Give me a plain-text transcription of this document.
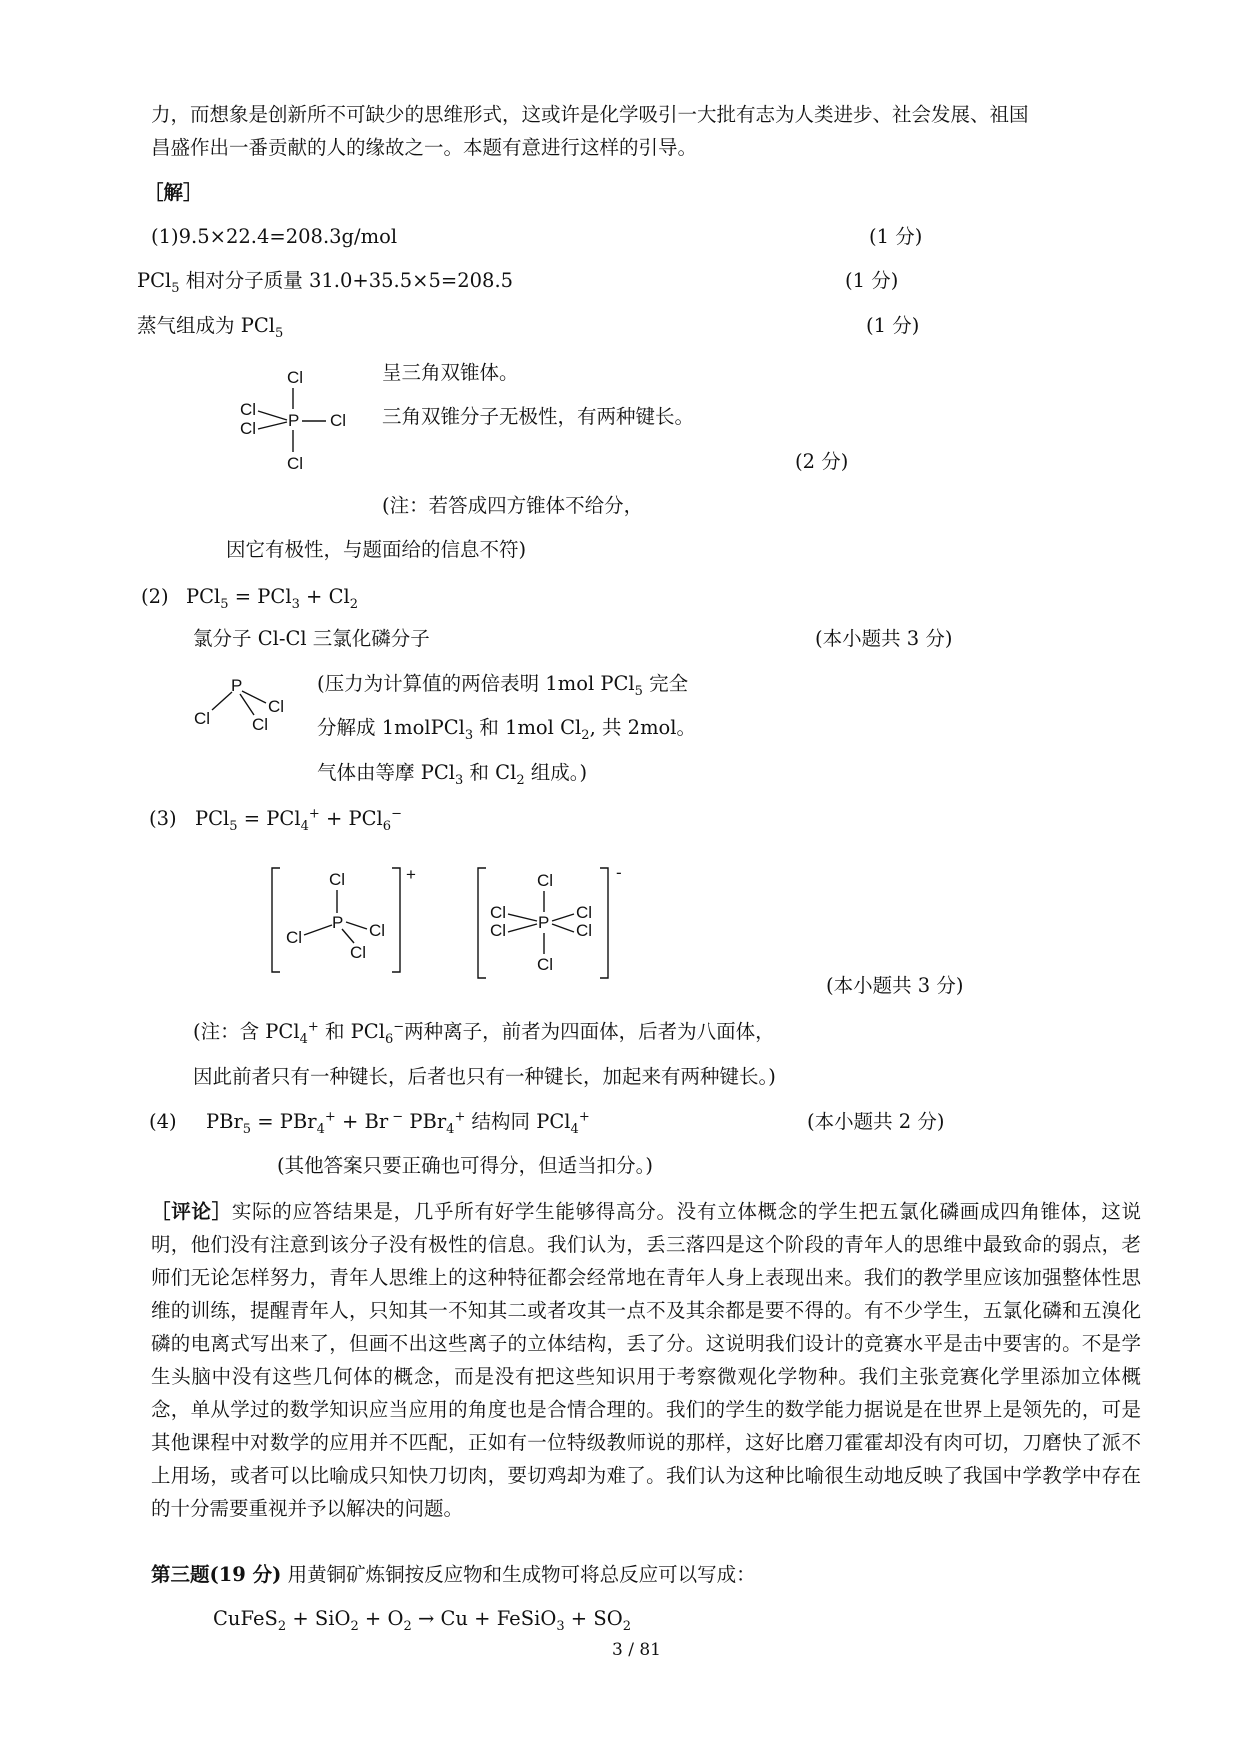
力，而想象是创新所不可缺少的思维形式，这或许是化学吸引一大批有志为人类进步、社会发展、祖国
昌盛作出一番贡献的人的缘故之一。本题有意进行这样的引导。
［解］
(1)9.5×22.4=208.3g/mol	(1 分)
PCl$_5$ 相对分子质量 31.0+35.5×5=208.5	(1 分)
蒸气组成为 PCl$_5$	(1 分)
Cl
Cl
Cl P Cl
Cl
呈三角双锥体。
三角双锥分子无极性，有两种键长。
(2 分)
(注：若答成四方锥体不给分，
因它有极性，与题面给的信息不符)
(2) $PCl_5 = PCl_3 + Cl_2$
氯分子 Cl-Cl 三氯化磷分子	(本小题共 3 分)
P
Cl
Cl
Cl
(压力为计算值的两倍表明 1mol PCl$_5$ 完全
分解成 1molPCl$_3$ 和 1mol $Cl_2$, 共 2mol。
气体由等摩 PCl$_3$ 和 $Cl_2$ 组成。)
(3) PCl$_5$ = PCl$_4$+ + PCl$_6$−
+
Cl
P
Cl	Cl
Cl
-
Cl
Cl
Cl P
Cl
Cl
Cl
(本小题共 3 分)
(注：含 PCl$_4$+ 和 PCl$_6$−两种离子，前者为四面体，后者为八面体，
因此前者只有一种键长，后者也只有一种键长，加起来有两种键长。)
(4) PBr$_5$ = PBr$_4$+ + Br − PBr$_4$+ 结构同 PCl$_4$+	(本小题共 2 分)
(其他答案只要正确也可得分，但适当扣分。)
［评论］实际的应答结果是，几乎所有好学生能够得高分。没有立体概念的学生把五氯化磷画成四角锥体，这说明，他们没有注意到该分子没有极性的信息。我们认为，丢三落四是这个阶段的青年人的思维中最致命的弱点，老师们无论怎样努力，青年人思维上的这种特征都会经常地在青年人身上表现出来。我们的教学里应该加强整体性思维的训练，提醒青年人，只知其一不知其二或者攻其一点不及其余都是要不得的。有不少学生，五氯化磷和五溴化磷的电离式写出来了，但画不出这些离子的立体结构，丢了分。这说明我们设计的竞赛水平是击中要害的。不是学生头脑中没有这些几何体的概念，而是没有把这些知识用于考察微观化学物种。我们主张竞赛化学里添加立体概念，单从学过的数学知识应当应用的角度也是合情合理的。我们的学生的数学能力据说是在世界上是领先的，可是其他课程中对数学的应用并不匹配，正如有一位特级教师说的那样，这好比磨刀霍霍却没有肉可切，刀磨快了派不上用场，或者可以比喻成只知快刀切肉，要切鸡却为难了。我们认为这种比喻很生动地反映了我国中学教学中存在的十分需要重视并予以解决的问题。
第三题(19 分) 用黄铜矿炼铜按反应物和生成物可将总反应可以写成：
CuFeS$_2$ + $SiO_2 + O_2 \to Cu$ + FeSiO$_3$ + $SO_2$
3 / 81
